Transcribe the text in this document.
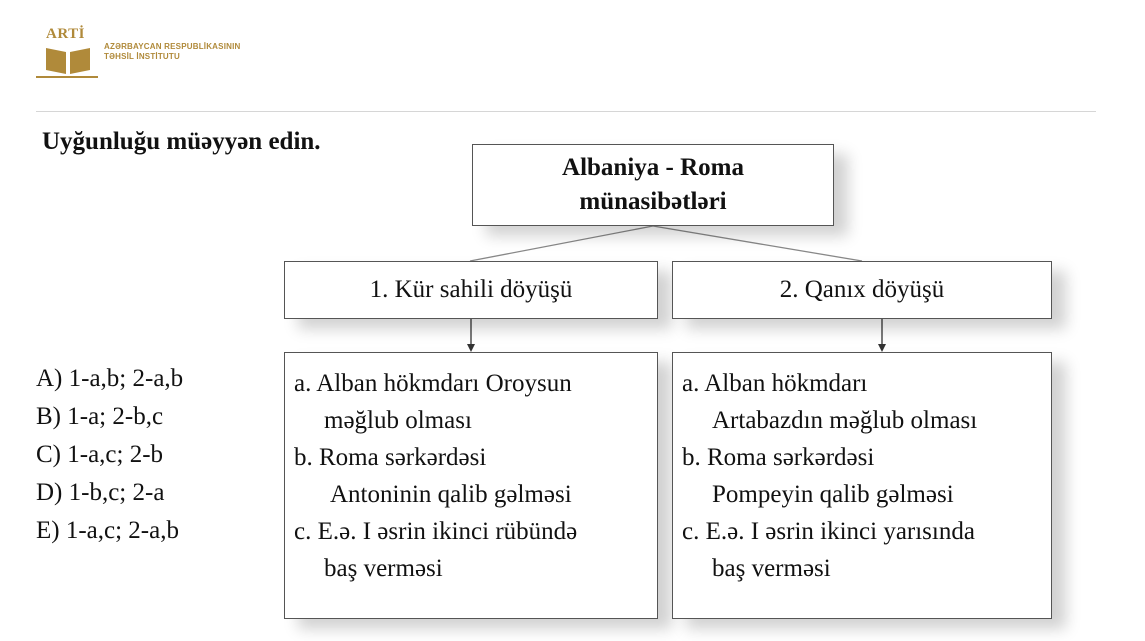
ARTİ
AZƏRBAYCAN RESPUBLİKASININ
TƏHSİL İNSTİTUTU
Uyğunluğu müəyyən edin.
Albaniya - Roma
münasibətləri
1. Kür sahili döyüşü	2. Qanıx döyüşü
a. Alban hökmdarı Oroysun
məğlub olması
b. Roma sərkərdəsi
Antoninin qalib gəlməsi
c. E.ə. I əsrin ikinci rübündə
baş verməsi
a. Alban hökmdarı
Artabazdın məğlub olması
b. Roma sərkərdəsi
Pompeyin qalib gəlməsi
c. E.ə. I əsrin ikinci yarısında
baş verməsi
A) 1-a,b; 2-a,b
B) 1-a; 2-b,c
C) 1-a,c; 2-b
D) 1-b,c; 2-a
E) 1-a,c; 2-a,b
